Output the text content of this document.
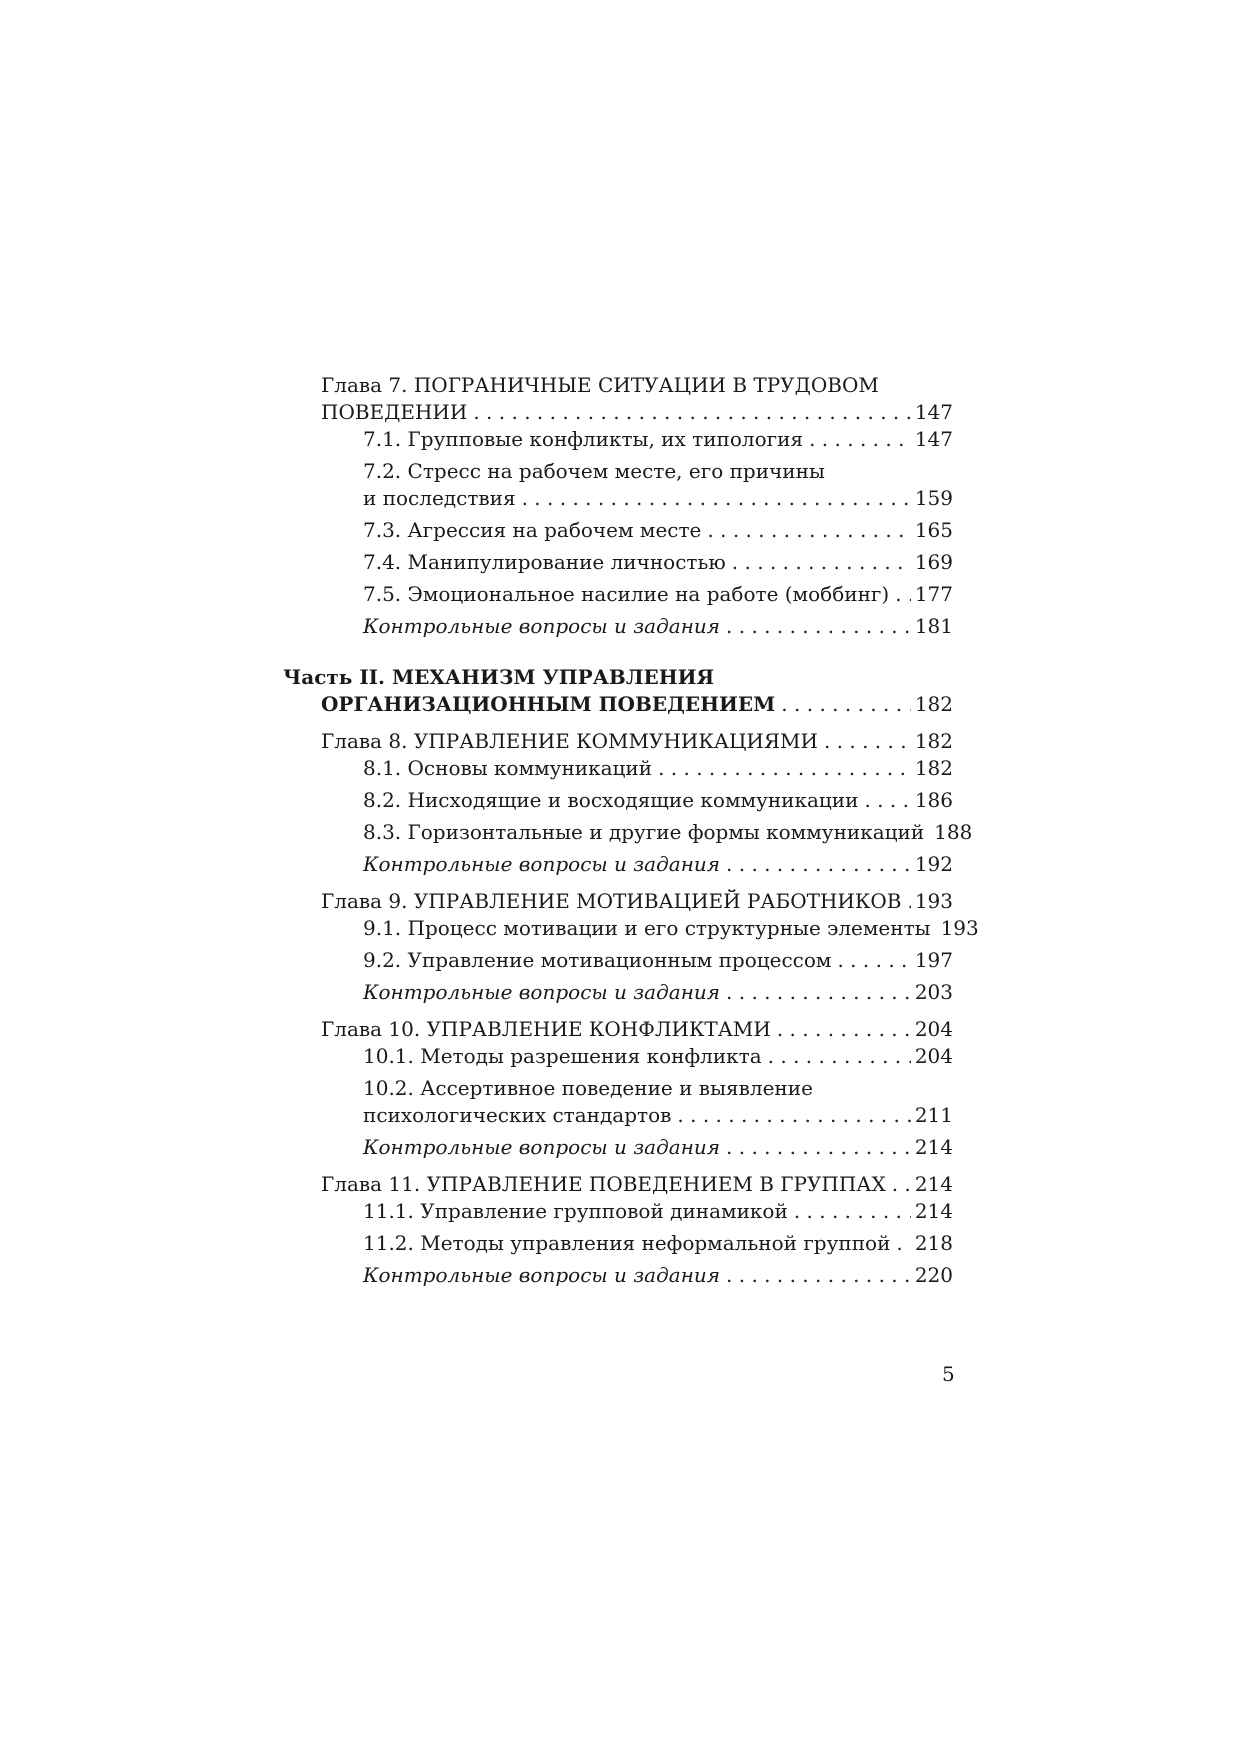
Глава 7. ПОГРАНИЧНЫЕ СИТУАЦИИ В ТРУДОВОМ
ПОВЕДЕНИИ . . .	147
7.1. Групповые конфликты, их типология . . .	147
7.2. Стресс на рабочем месте, его причины
и последствия . . .	159
7.3. Агрессия на рабочем месте . . .	165
7.4. Манипулирование личностью . . .	169
7.5. Эмоциональное насилие на работе (моббинг) . . . 177
Контрольные вопросы и задания . . .	181
Часть II. МЕХАНИЗМ УПРАВЛЕНИЯ
ОРГАНИЗАЦИОННЫМ ПОВЕДЕНИЕМ . . .	182
Глава 8. УПРАВЛЕНИЕ КОММУНИКАЦИЯМИ . . .	182
8.1. Основы коммуникаций . . .	182
8.2. Нисходящие и восходящие коммуникации . . .	186
8.3. Горизонтальные и другие формы коммуникаций 188
Контрольные вопросы и задания . . .	192
Глава 9. УПРАВЛЕНИЕ МОТИВАЦИЕЙ РАБОТНИКОВ . . . 193
9.1. Процесс мотивации и его структурные элементы 193
9.2. Управление мотивационным процессом . . .	197
Контрольные вопросы и задания . . .	203
Глава 10. УПРАВЛЕНИЕ КОНФЛИКТАМИ . . .	204
10.1. Методы разрешения конфликта . . .	204
10.2. Ассертивное поведение и выявление
психологических стандартов . . .	211
Контрольные вопросы и задания . . .	214
Глава 11. УПРАВЛЕНИЕ ПОВЕДЕНИЕМ В ГРУППАХ . . . 214
11.1. Управление групповой динамикой . . .	214
11.2. Методы управления неформальной группой . . . 218
Контрольные вопросы и задания . . .	220
5
